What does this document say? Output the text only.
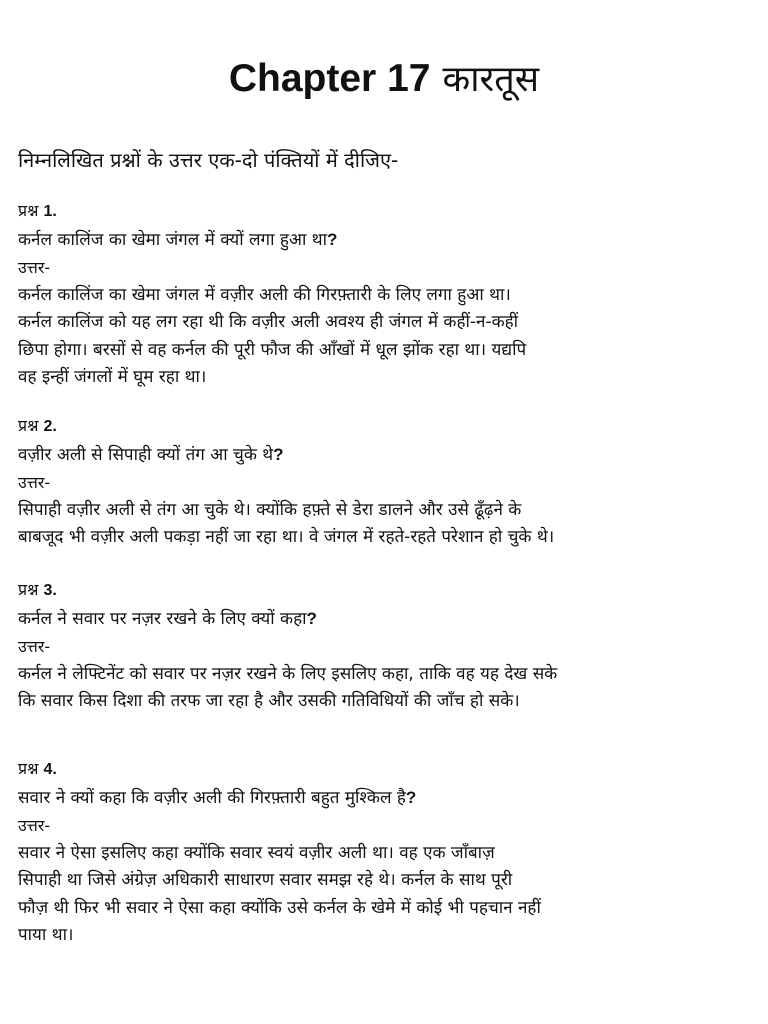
Chapter 17 कारतूस
निम्नलिखित प्रश्नों के उत्तर एक-दो पंक्तियों में दीजिए-
प्रश्न 1.
कर्नल कालिंज का खेमा जंगल में क्यों लगा हुआ था?
उत्तर-
कर्नल कालिंज का खेमा जंगल में वज़ीर अली की गिरफ़्तारी के लिए लगा हुआ था।
कर्नल कालिंज को यह लग रहा थी कि वज़ीर अली अवश्य ही जंगल में कहीं-न-कहीं
छिपा होगा। बरसों से वह कर्नल की पूरी फौज की आँखों में धूल झोंक रहा था। यद्यपि
वह इन्हीं जंगलों में घूम रहा था।
प्रश्न 2.
वज़ीर अली से सिपाही क्यों तंग आ चुके थे?
उत्तर-
सिपाही वज़ीर अली से तंग आ चुके थे। क्योंकि हफ़्ते से डेरा डालने और उसे ढूँढ़ने के
बाबजूद भी वज़ीर अली पकड़ा नहीं जा रहा था। वे जंगल में रहते-रहते परेशान हो चुके थे।
प्रश्न 3.
कर्नल ने सवार पर नज़र रखने के लिए क्यों कहा?
उत्तर-
कर्नल ने लेफ्टिनेंट को सवार पर नज़र रखने के लिए इसलिए कहा, ताकि वह यह देख सके
कि सवार किस दिशा की तरफ जा रहा है और उसकी गतिविधियों की जाँच हो सके।
प्रश्न 4.
सवार ने क्यों कहा कि वज़ीर अली की गिरफ़्तारी बहुत मुश्किल है?
उत्तर-
सवार ने ऐसा इसलिए कहा क्योंकि सवार स्वयं वज़ीर अली था। वह एक जाँबाज़
सिपाही था जिसे अंग्रेज़ अधिकारी साधारण सवार समझ रहे थे। कर्नल के साथ पूरी
फौज़ थी फिर भी सवार ने ऐसा कहा क्योंकि उसे कर्नल के खेमे में कोई भी पहचान नहीं
पाया था।
